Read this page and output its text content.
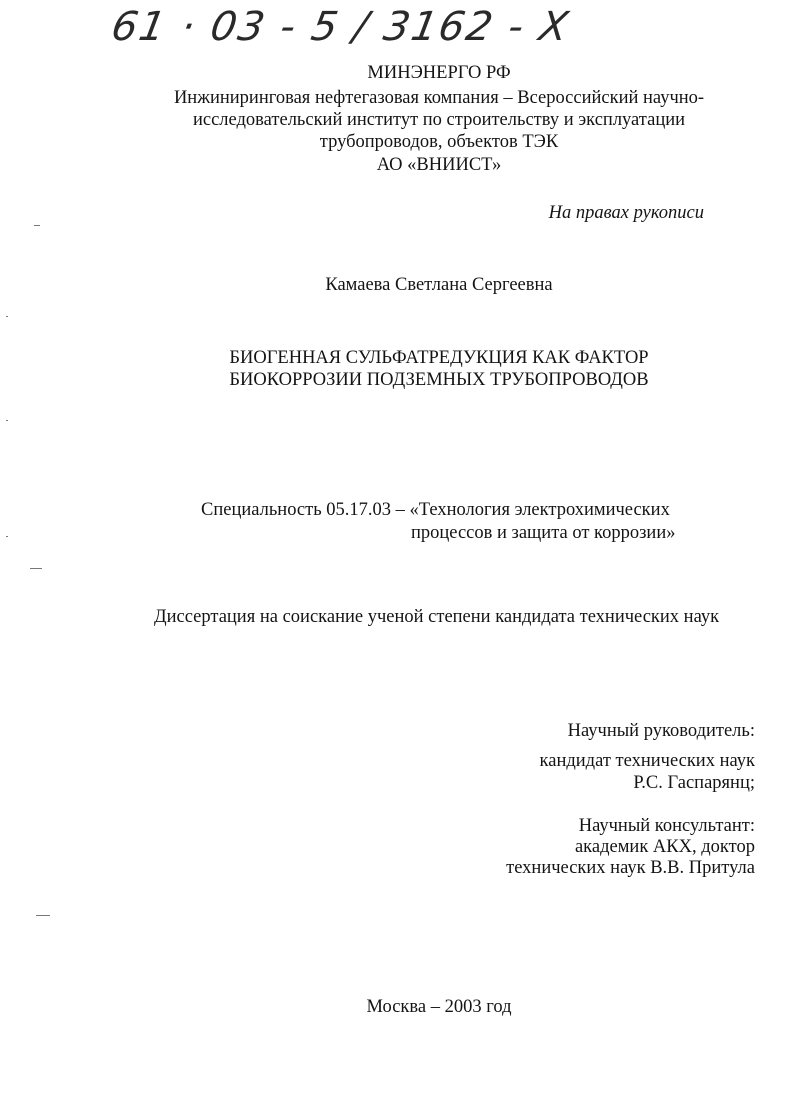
61 · 03 - 5 / 3162 - X
МИНЭНЕРГО РФ
Инжиниринговая нефтегазовая компания – Всероссийский научно-
исследовательский институт по строительству и эксплуатации
трубопроводов, объектов ТЭК
АО «ВНИИСТ»
На правах рукописи
Камаева Светлана Сергеевна
БИОГЕННАЯ СУЛЬФАТРЕДУКЦИЯ КАК ФАКТОР
БИОКОРРОЗИИ ПОДЗЕМНЫХ ТРУБОПРОВОДОВ
Специальность 05.17.03 – «Технология электрохимических
процессов и защита от коррозии»
Диссертация на соискание ученой степени кандидата технических наук
Научный руководитель:
кандидат технических наук
Р.С. Гаспарянц;
Научный консультант:
академик АКХ, доктор
технических наук В.В. Притула
Москва – 2003 год
